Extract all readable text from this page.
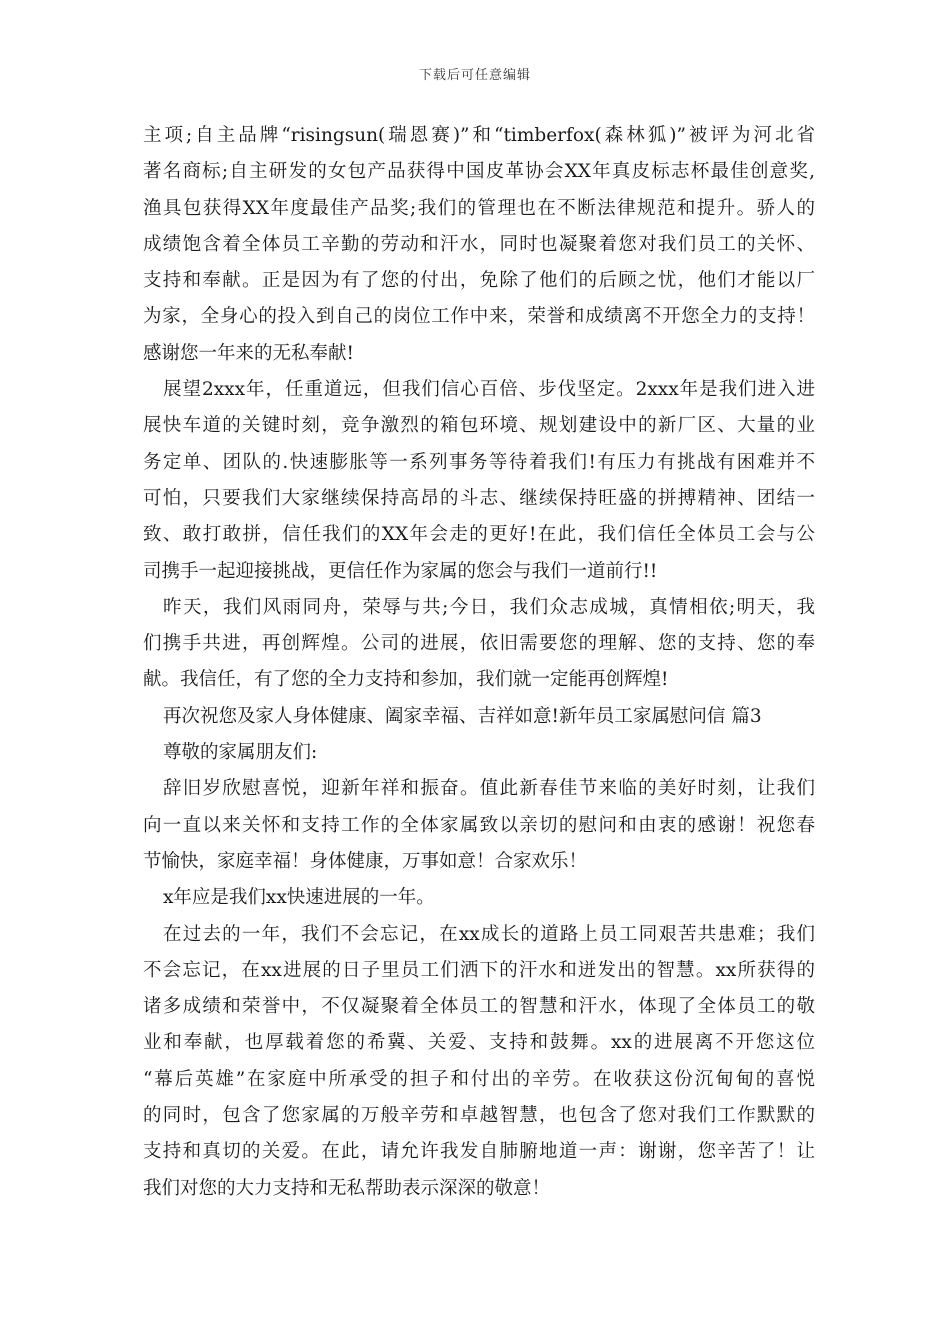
下载后可任意编辑
主项;自主品牌“risingsun(瑞恩赛)”和“timberfox(森林狐)”被评为河北省
著名商标;自主研发的女包产品获得中国皮革协会XX年真皮标志杯最佳创意奖,
渔具包获得XX年度最佳产品奖;我们的管理也在不断法律规范和提升。骄人的
成绩饱含着全体员工辛勤的劳动和汗水，同时也凝聚着您对我们员工的关怀、
支持和奉献。正是因为有了您的付出，免除了他们的后顾之忧，他们才能以厂
为家，全身心的投入到自己的岗位工作中来，荣誉和成绩离不开您全力的支持！
感谢您一年来的无私奉献!
展望2xxx年，任重道远，但我们信心百倍、步伐坚定。2xxx年是我们进入进
展快车道的关键时刻，竞争激烈的箱包环境、规划建设中的新厂区、大量的业
务定单、团队的.快速膨胀等一系列事务等待着我们!有压力有挑战有困难并不
可怕，只要我们大家继续保持高昂的斗志、继续保持旺盛的拼搏精神、团结一
致、敢打敢拼，信任我们的XX年会走的更好!在此，我们信任全体员工会与公
司携手一起迎接挑战，更信任作为家属的您会与我们一道前行!!
昨天，我们风雨同舟，荣辱与共;今日，我们众志成城，真情相依;明天，我
们携手共进，再创辉煌。公司的进展，依旧需要您的理解、您的支持、您的奉
献。我信任，有了您的全力支持和参加，我们就一定能再创辉煌!
再次祝您及家人身体健康、阖家幸福、吉祥如意!新年员工家属慰问信 篇3
尊敬的家属朋友们:
辞旧岁欣慰喜悦，迎新年祥和振奋。值此新春佳节来临的美好时刻，让我们
向一直以来关怀和支持工作的全体家属致以亲切的慰问和由衷的感谢！祝您春
节愉快，家庭幸福！身体健康，万事如意！合家欢乐！
x年应是我们xx快速进展的一年。
在过去的一年，我们不会忘记，在xx成长的道路上员工同艰苦共患难；我们
不会忘记，在xx进展的日子里员工们洒下的汗水和迸发出的智慧。xx所获得的
诸多成绩和荣誉中，不仅凝聚着全体员工的智慧和汗水，体现了全体员工的敬
业和奉献，也厚载着您的希冀、关爱、支持和鼓舞。xx的进展离不开您这位
“幕后英雄”在家庭中所承受的担子和付出的辛劳。在收获这份沉甸甸的喜悦
的同时，包含了您家属的万般辛劳和卓越智慧，也包含了您对我们工作默默的
支持和真切的关爱。在此，请允许我发自肺腑地道一声：谢谢，您辛苦了！让
我们对您的大力支持和无私帮助表示深深的敬意！
